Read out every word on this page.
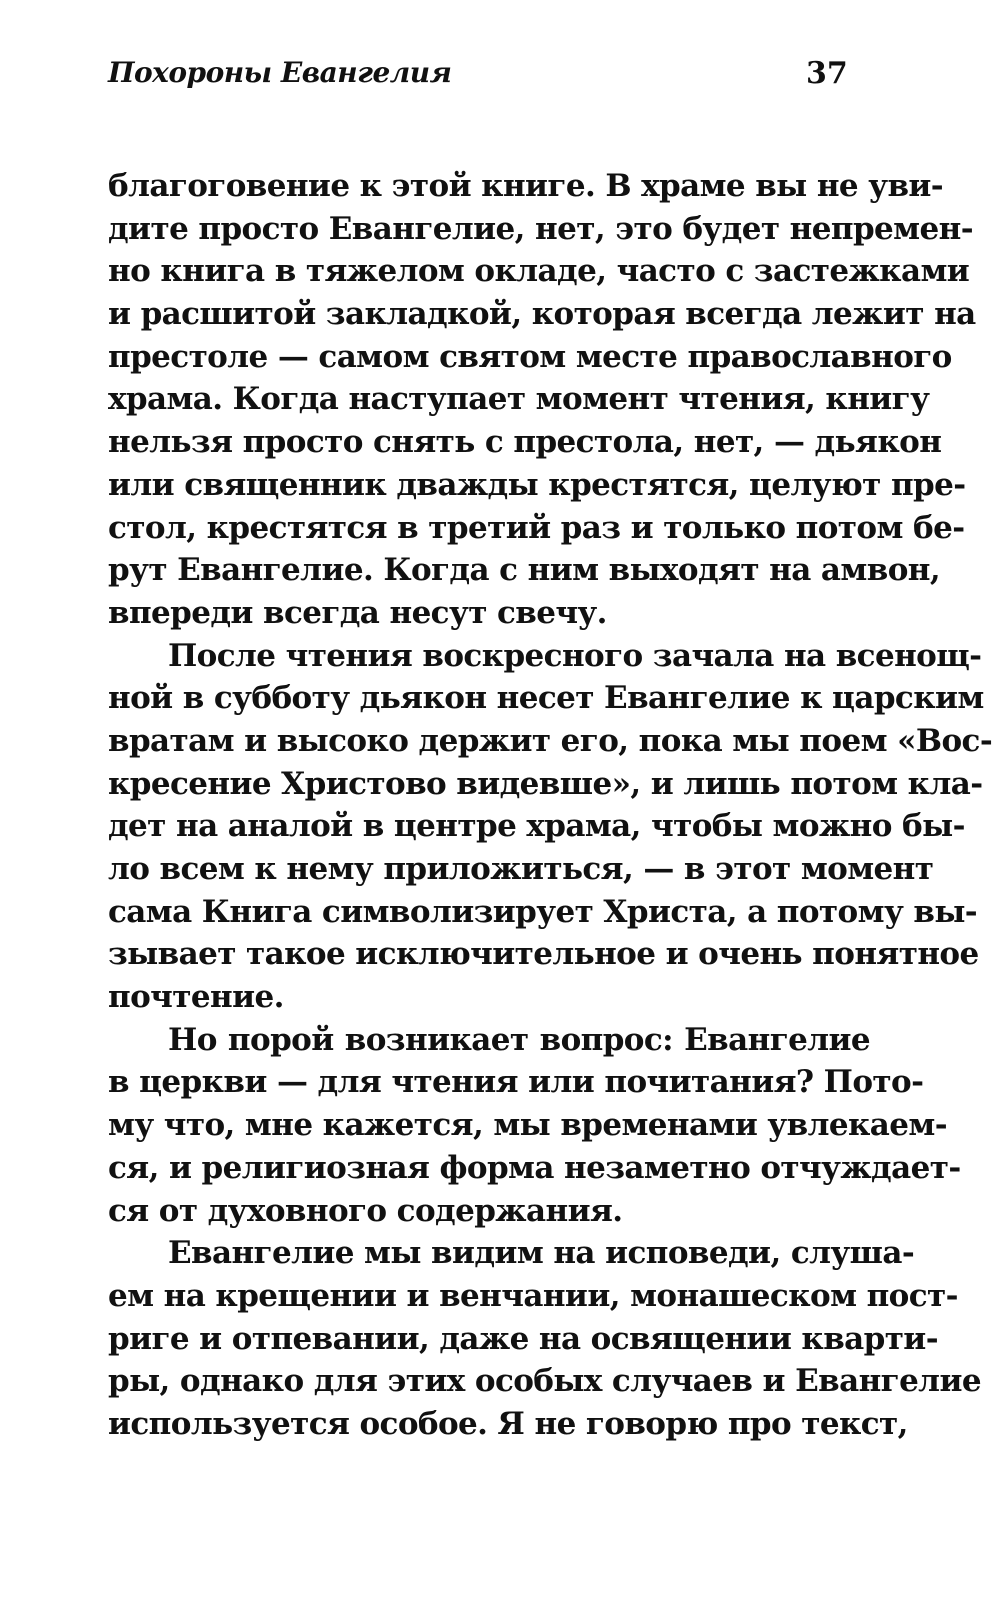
Похороны Евангелия	37
благоговение к этой книге. В храме вы не уви-
дите просто Евангелие, нет, это будет непремен-
но книга в тяжелом окладе, часто с застежками
и расшитой закладкой, которая всегда лежит на
престоле — самом святом месте православного
храма. Когда наступает момент чтения, книгу
нельзя просто снять с престола, нет, — дьякон
или священник дважды крестятся, целуют пре-
стол, крестятся в третий раз и только потом бе-
рут Евангелие. Когда с ним выходят на амвон,
впереди всегда несут свечу.
После чтения воскресного зачала на всенощ-
ной в субботу дьякон несет Евангелие к царским
вратам и высоко держит его, пока мы поем «Вос-
кресение Христово видевше», и лишь потом кла-
дет на аналой в центре храма, чтобы можно бы-
ло всем к нему приложиться, — в этот момент
сама Книга символизирует Христа, а потому вы-
зывает такое исключительное и очень понятное
почтение.
Но порой возникает вопрос: Евангелие
в церкви — для чтения или почитания? Пото-
му что, мне кажется, мы временами увлекаем-
ся, и религиозная форма незаметно отчуждает-
ся от духовного содержания.
Евангелие мы видим на исповеди, слуша-
ем на крещении и венчании, монашеском пост-
риге и отпевании, даже на освящении кварти-
ры, однако для этих особых случаев и Евангелие
используется особое. Я не говорю про текст,
